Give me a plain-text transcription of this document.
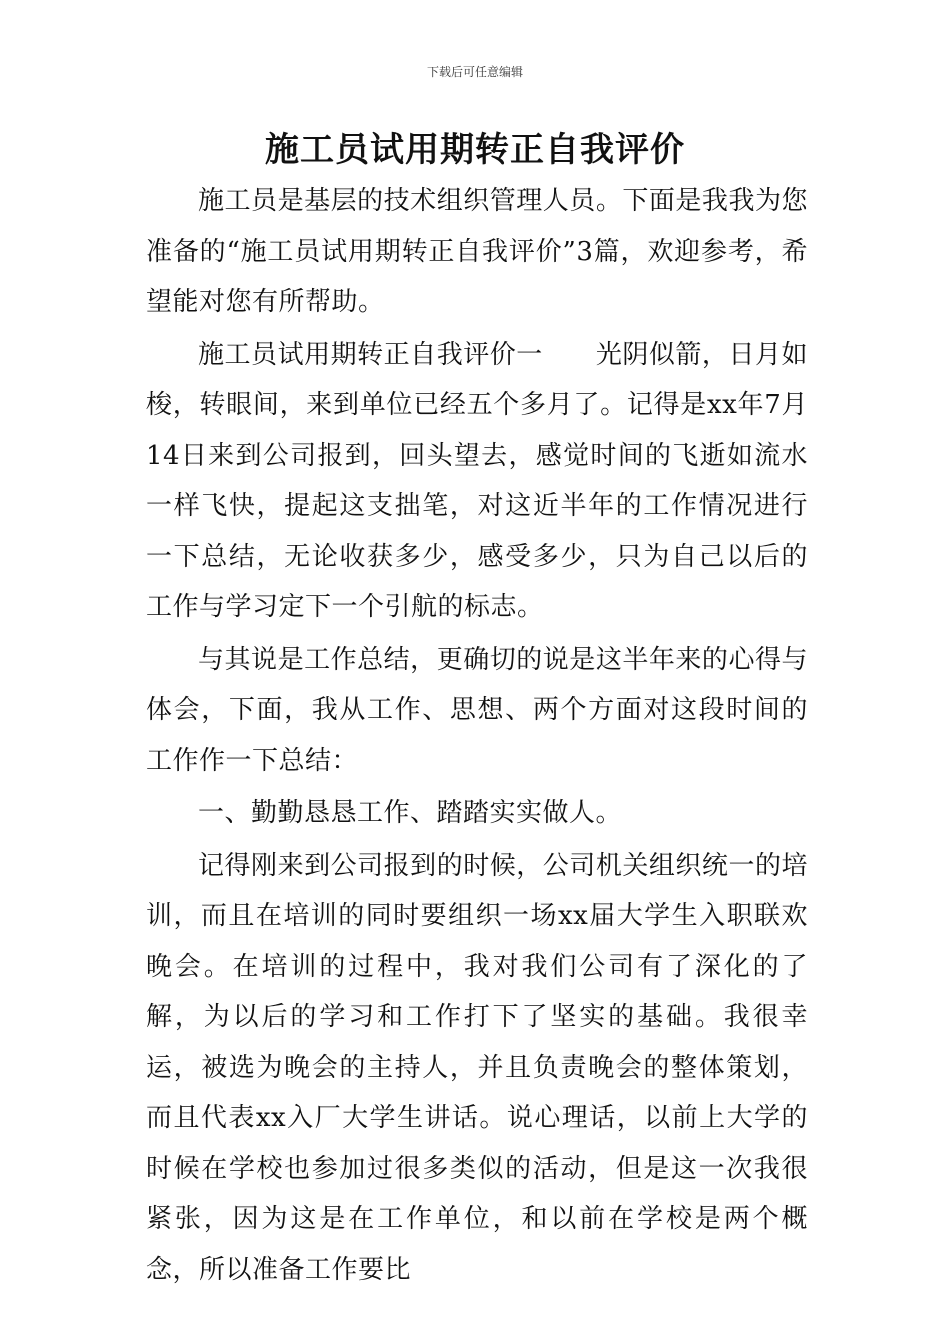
下载后可任意编辑
施工员试用期转正自我评价

施工员是基层的技术组织管理人员。下面是我我为您准备的“施工员试用期转正自我评价”3篇，欢迎参考，希望能对您有所帮助。

施工员试用期转正自我评价一　　光阴似箭，日月如梭，转眼间，来到单位已经五个多月了。记得是xx年7月14日来到公司报到，回头望去，感觉时间的飞逝如流水一样飞快，提起这支拙笔，对这近半年的工作情况进行一下总结，无论收获多少，感受多少，只为自己以后的工作与学习定下一个引航的标志。

与其说是工作总结，更确切的说是这半年来的心得与体会，下面，我从工作、思想、两个方面对这段时间的工作作一下总结：

一、勤勤恳恳工作、踏踏实实做人。

记得刚来到公司报到的时候，公司机关组织统一的培训，而且在培训的同时要组织一场xx届大学生入职联欢晚会。在培训的过程中，我对我们公司有了深化的了解，为以后的学习和工作打下了坚实的基础。我很幸运，被选为晚会的主持人，并且负责晚会的整体策划，而且代表xx入厂大学生讲话。说心理话，以前上大学的时候在学校也参加过很多类似的活动，但是这一次我很紧张，因为这是在工作单位，和以前在学校是两个概念，所以准备工作要比
